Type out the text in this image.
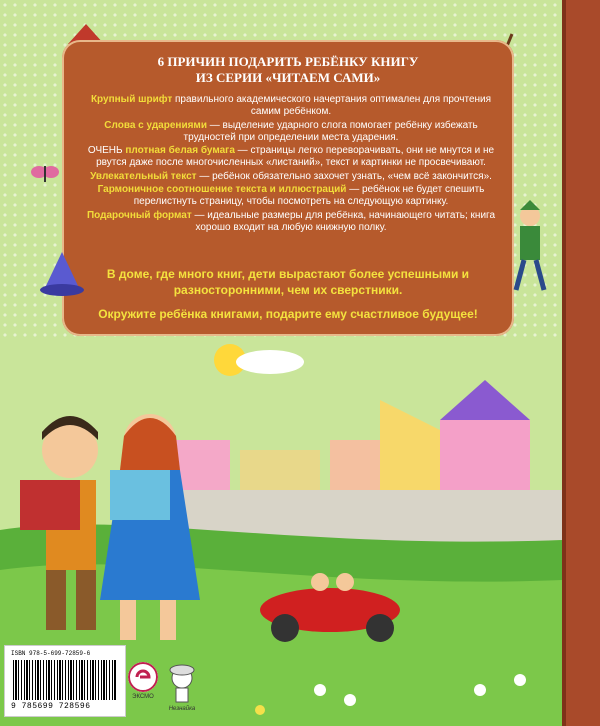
6 ПРИЧИН ПОДАРИТЬ РЕБЁНКУ КНИГУ
ИЗ СЕРИИ «ЧИТАЕМ САМИ»
Крупный шрифт правильного академического начертания оптимален для прочтения самим ребёнком.
Слова с ударениями — выделение ударного слога помогает ребёнку избежать трудностей при определении места ударения.
ОЧЕНЬ плотная белая бумага — страницы легко переворачивать, они не мнутся и не рвутся даже после многочисленных «листаний», текст и картинки не просвечивают.
Увлекательный текст — ребёнок обязательно захочет узнать, «чем всё закончится».
Гармоничное соотношение текста и иллюстраций — ребёнок не будет спешить перелистнуть страницу, чтобы посмотреть на следующую картинку.
Подарочный формат — идеальные размеры для ребёнка, начинающего читать; книга хорошо входит на любую книжную полку.
В доме, где много книг, дети вырастают более успешными и разносторонними, чем их сверстники.
Окружите ребёнка книгами, подарите ему счастливое будущее!
ISBN 978-5-699-72859-6
9 785699 728596
ЭКСМО
Незнайка
